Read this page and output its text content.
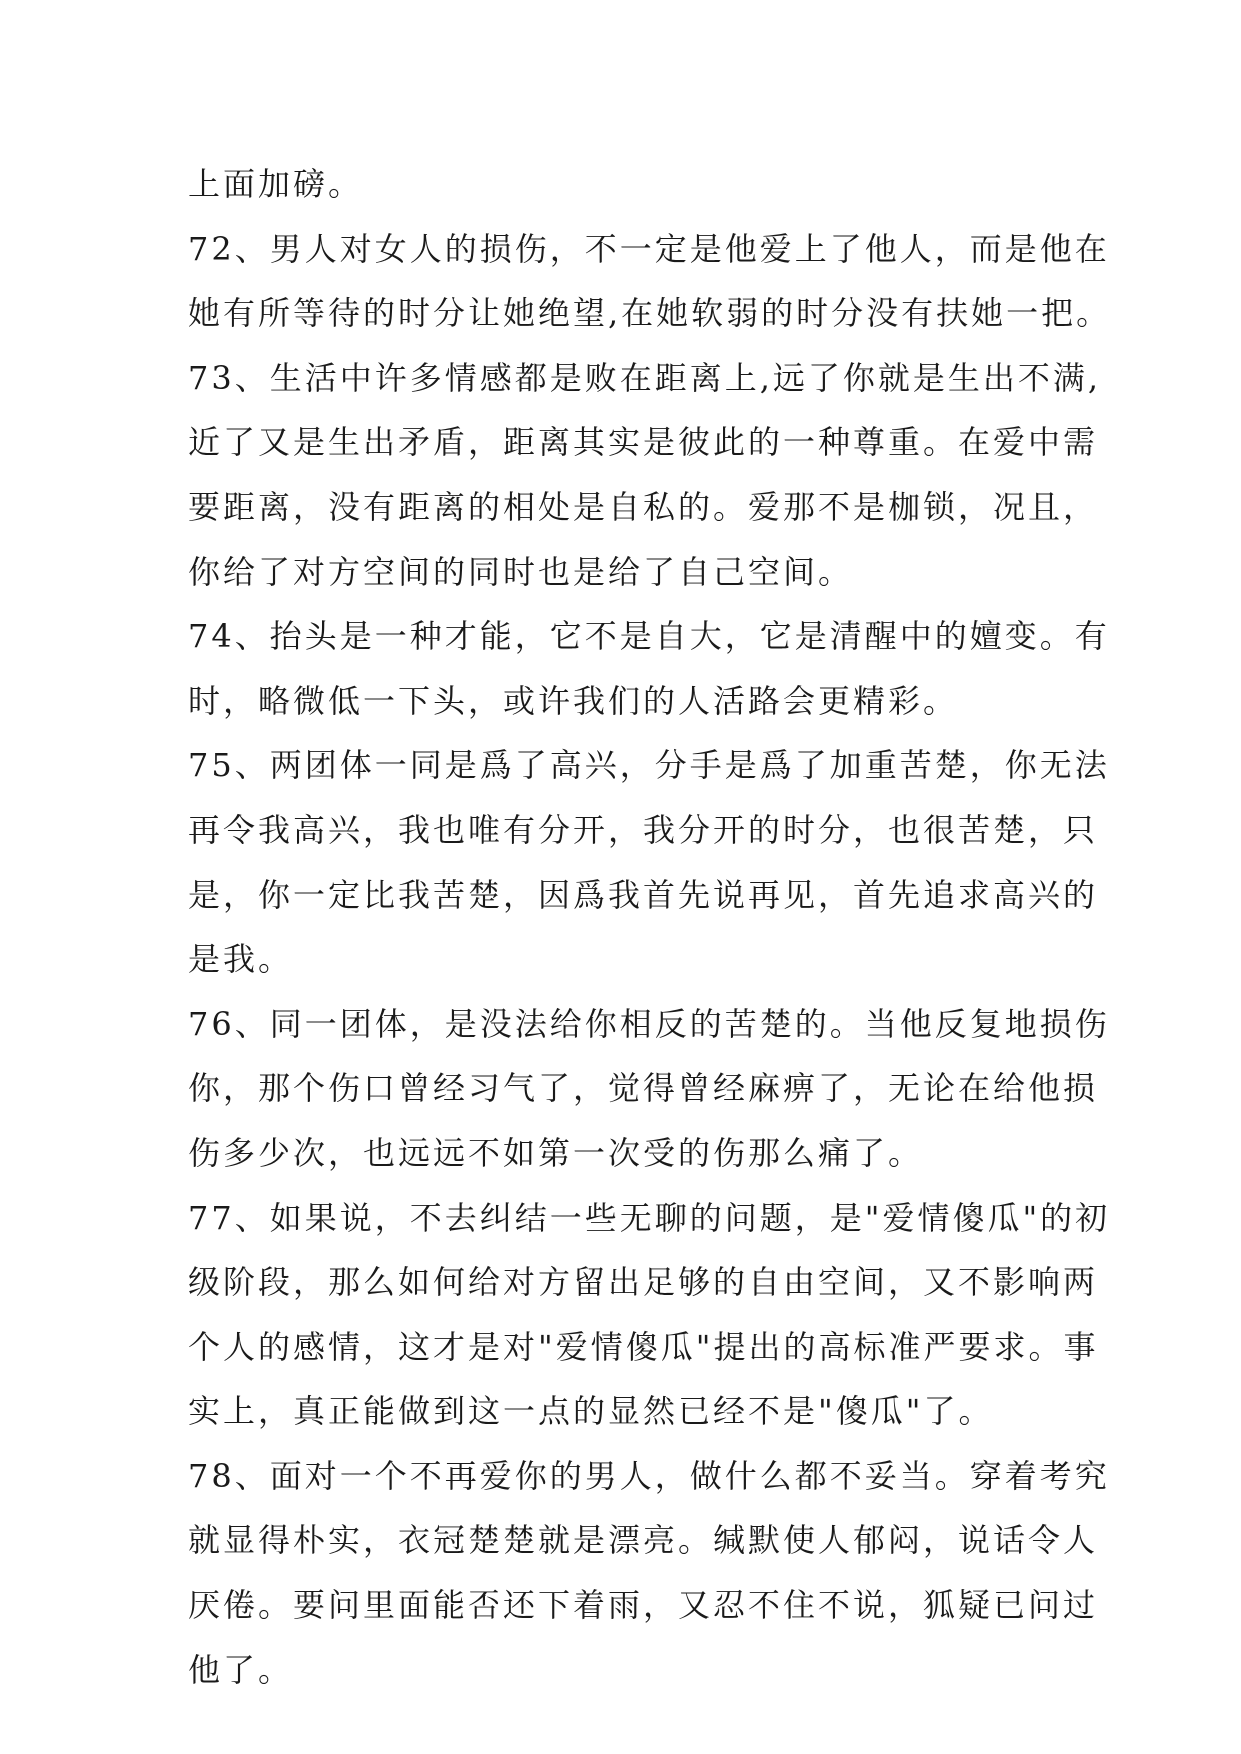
上面加磅。
72、男人对女人的损伤，不一定是他爱上了他人，而是他在
她有所等待的时分让她绝望,在她软弱的时分没有扶她一把。
73、生活中许多情感都是败在距离上,远了你就是生出不满,
近了又是生出矛盾，距离其实是彼此的一种尊重。在爱中需
要距离，没有距离的相处是自私的。爱那不是枷锁，况且，
你给了对方空间的同时也是给了自己空间。
74、抬头是一种才能，它不是自大，它是清醒中的嬗变。有
时，略微低一下头，或许我们的人活路会更精彩。
75、两团体一同是爲了高兴，分手是爲了加重苦楚，你无法
再令我高兴，我也唯有分开，我分开的时分，也很苦楚，只
是，你一定比我苦楚，因爲我首先说再见，首先追求高兴的
是我。
76、同一团体，是没法给你相反的苦楚的。当他反复地损伤
你，那个伤口曾经习气了，觉得曾经麻痹了，无论在给他损
伤多少次，也远远不如第一次受的伤那么痛了。
77、如果说，不去纠结一些无聊的问题，是"爱情傻瓜"的初
级阶段，那么如何给对方留出足够的自由空间，又不影响两
个人的感情，这才是对"爱情傻瓜"提出的高标准严要求。事
实上，真正能做到这一点的显然已经不是"傻瓜"了。
78、面对一个不再爱你的男人，做什么都不妥当。穿着考究
就显得朴实，衣冠楚楚就是漂亮。缄默使人郁闷，说话令人
厌倦。要问里面能否还下着雨，又忍不住不说，狐疑已问过
他了。
